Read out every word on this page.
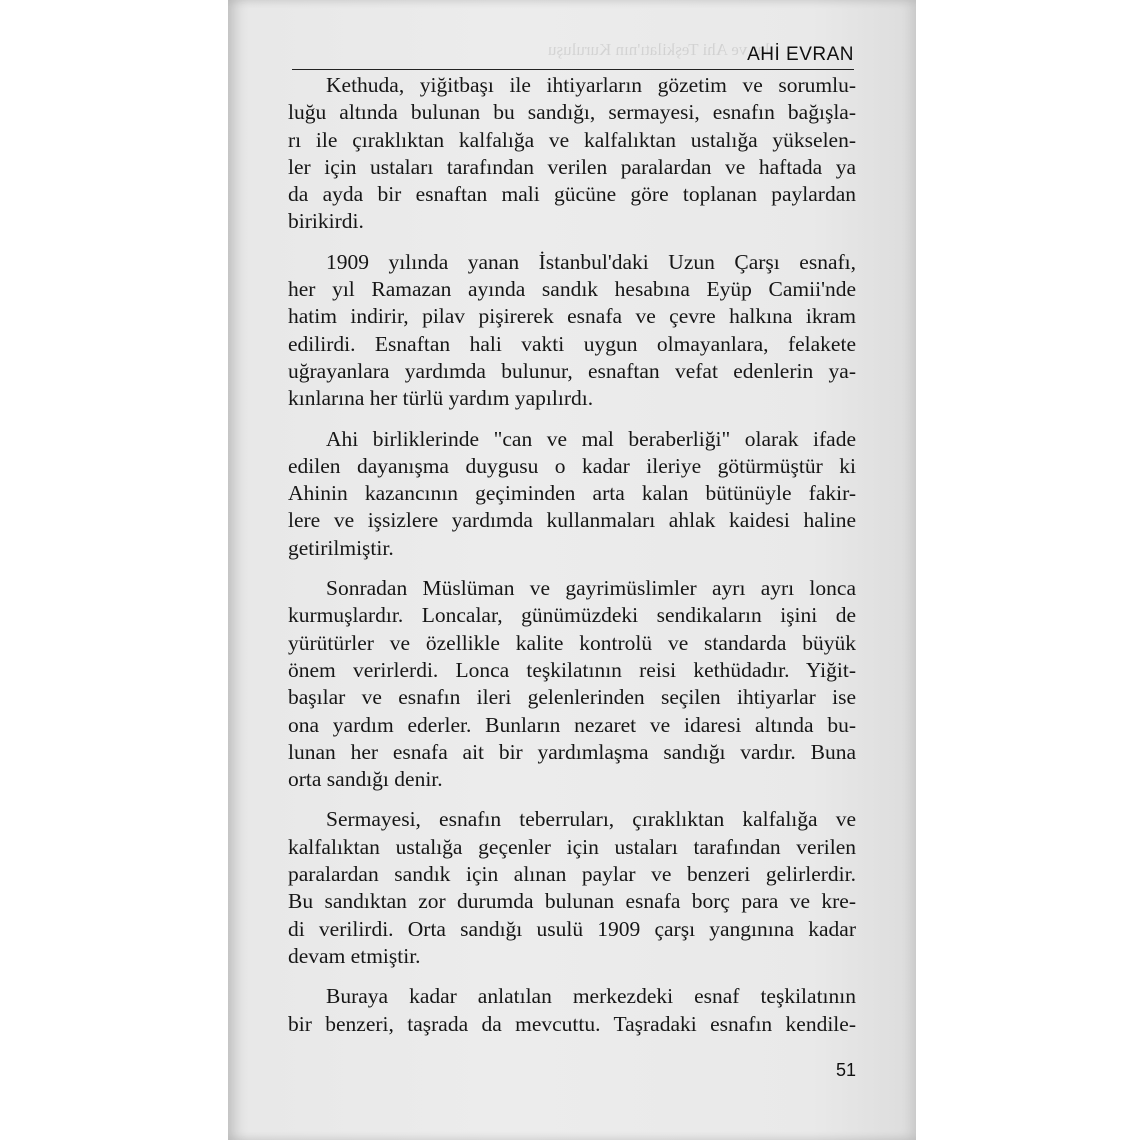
lar ve Ahi Teşkilatı'nın Kuruluşu
AHİ EVRAN
Kethuda, yiğitbaşı ile ihtiyarların gözetim ve sorumlu-
luğu altında bulunan bu sandığı, sermayesi, esnafın bağışla-
rı ile çıraklıktan kalfalığa ve kalfalıktan ustalığa yükselen-
ler için ustaları tarafından verilen paralardan ve haftada ya
da ayda bir esnaftan mali gücüne göre toplanan paylardan
birikirdi.
1909 yılında yanan İstanbul'daki Uzun Çarşı esnafı,
her yıl Ramazan ayında sandık hesabına Eyüp Camii'nde
hatim indirir, pilav pişirerek esnafa ve çevre halkına ikram
edilirdi. Esnaftan hali vakti uygun olmayanlara, felakete
uğrayanlara yardımda bulunur, esnaftan vefat edenlerin ya-
kınlarına her türlü yardım yapılırdı.
Ahi birliklerinde "can ve mal beraberliği" olarak ifade
edilen dayanışma duygusu o kadar ileriye götürmüştür ki
Ahinin kazancının geçiminden arta kalan bütünüyle fakir-
lere ve işsizlere yardımda kullanmaları ahlak kaidesi haline
getirilmiştir.
Sonradan Müslüman ve gayrimüslimler ayrı ayrı lonca
kurmuşlardır. Loncalar, günümüzdeki sendikaların işini de
yürütürler ve özellikle kalite kontrolü ve standarda büyük
önem verirlerdi. Lonca teşkilatının reisi kethüdadır. Yiğit-
başılar ve esnafın ileri gelenlerinden seçilen ihtiyarlar ise
ona yardım ederler. Bunların nezaret ve idaresi altında bu-
lunan her esnafa ait bir yardımlaşma sandığı vardır. Buna
orta sandığı denir.
Sermayesi, esnafın teberruları, çıraklıktan kalfalığa ve
kalfalıktan ustalığa geçenler için ustaları tarafından verilen
paralardan sandık için alınan paylar ve benzeri gelirlerdir.
Bu sandıktan zor durumda bulunan esnafa borç para ve kre-
di verilirdi. Orta sandığı usulü 1909 çarşı yangınına kadar
devam etmiştir.
Buraya kadar anlatılan merkezdeki esnaf teşkilatının
bir benzeri, taşrada da mevcuttu. Taşradaki esnafın kendile-
51
